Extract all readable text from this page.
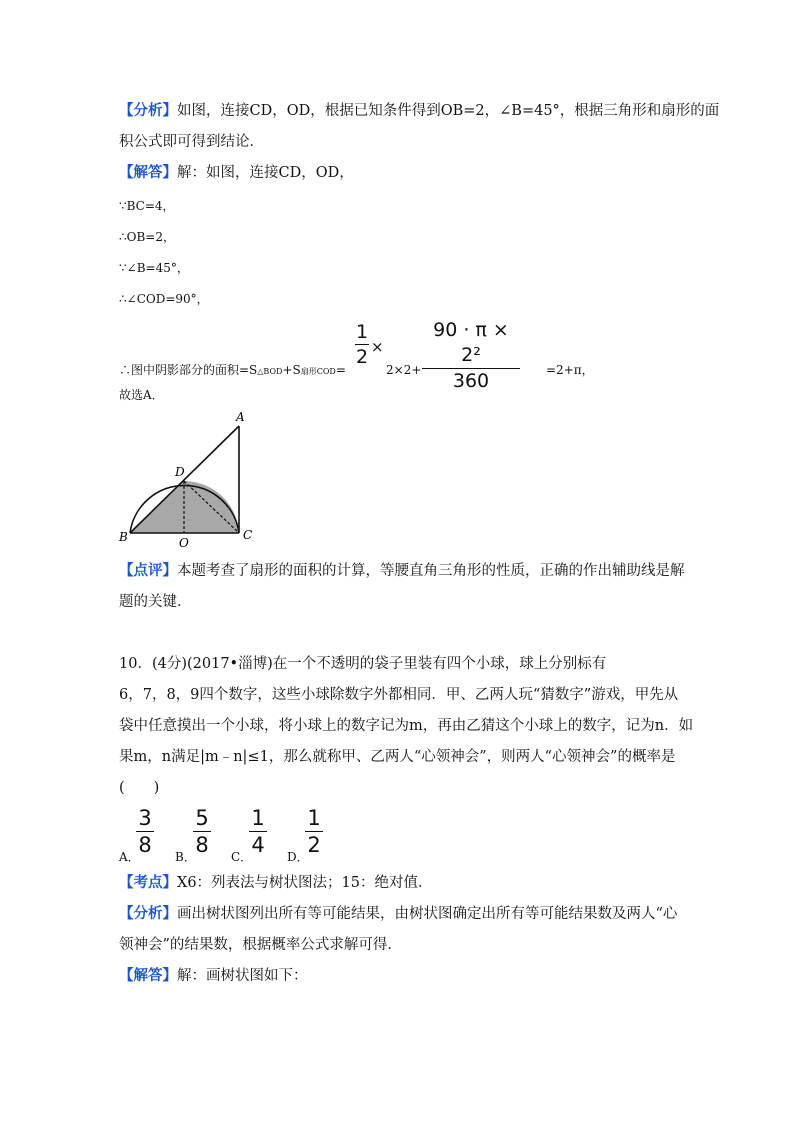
【分析】如图，连接CD，OD，根据已知条件得到OB=2，∠B=45°，根据三角形和扇形的面
积公式即可得到结论．
【解答】解：如图，连接CD，OD，
∵BC=4，
∴OB=2，
∵∠B=45°，
∴∠COD=90°，
∴图中阴影部分的面积=S△BOD+S扇形COD=
1
2 ×
2×2+
90 · π × 2²
360	=2+π，
故选A．
A
D
B	C
O
【点评】本题考查了扇形的面积的计算，等腰直角三角形的性质，正确的作出辅助线是解
题的关键．
10．(4分)(2017•淄博)在一个不透明的袋子里装有四个小球，球上分别标有
6，7，8，9四个数字，这些小球除数字外都相同．甲、乙两人玩“猜数字”游戏，甲先从
袋中任意摸出一个小球，将小球上的数字记为m，再由乙猜这个小球上的数字，记为n．如
果m，n满足|m﹣n|≤1，那么就称甲、乙两人“心领神会”，则两人“心领神会”的概率是
(　　)
A．
3
8 B．
5
8 C．
1
4 D．
1
2
【考点】X6：列表法与树状图法；15：绝对值．
【分析】画出树状图列出所有等可能结果，由树状图确定出所有等可能结果数及两人“心
领神会”的结果数，根据概率公式求解可得．
【解答】解：画树状图如下：
